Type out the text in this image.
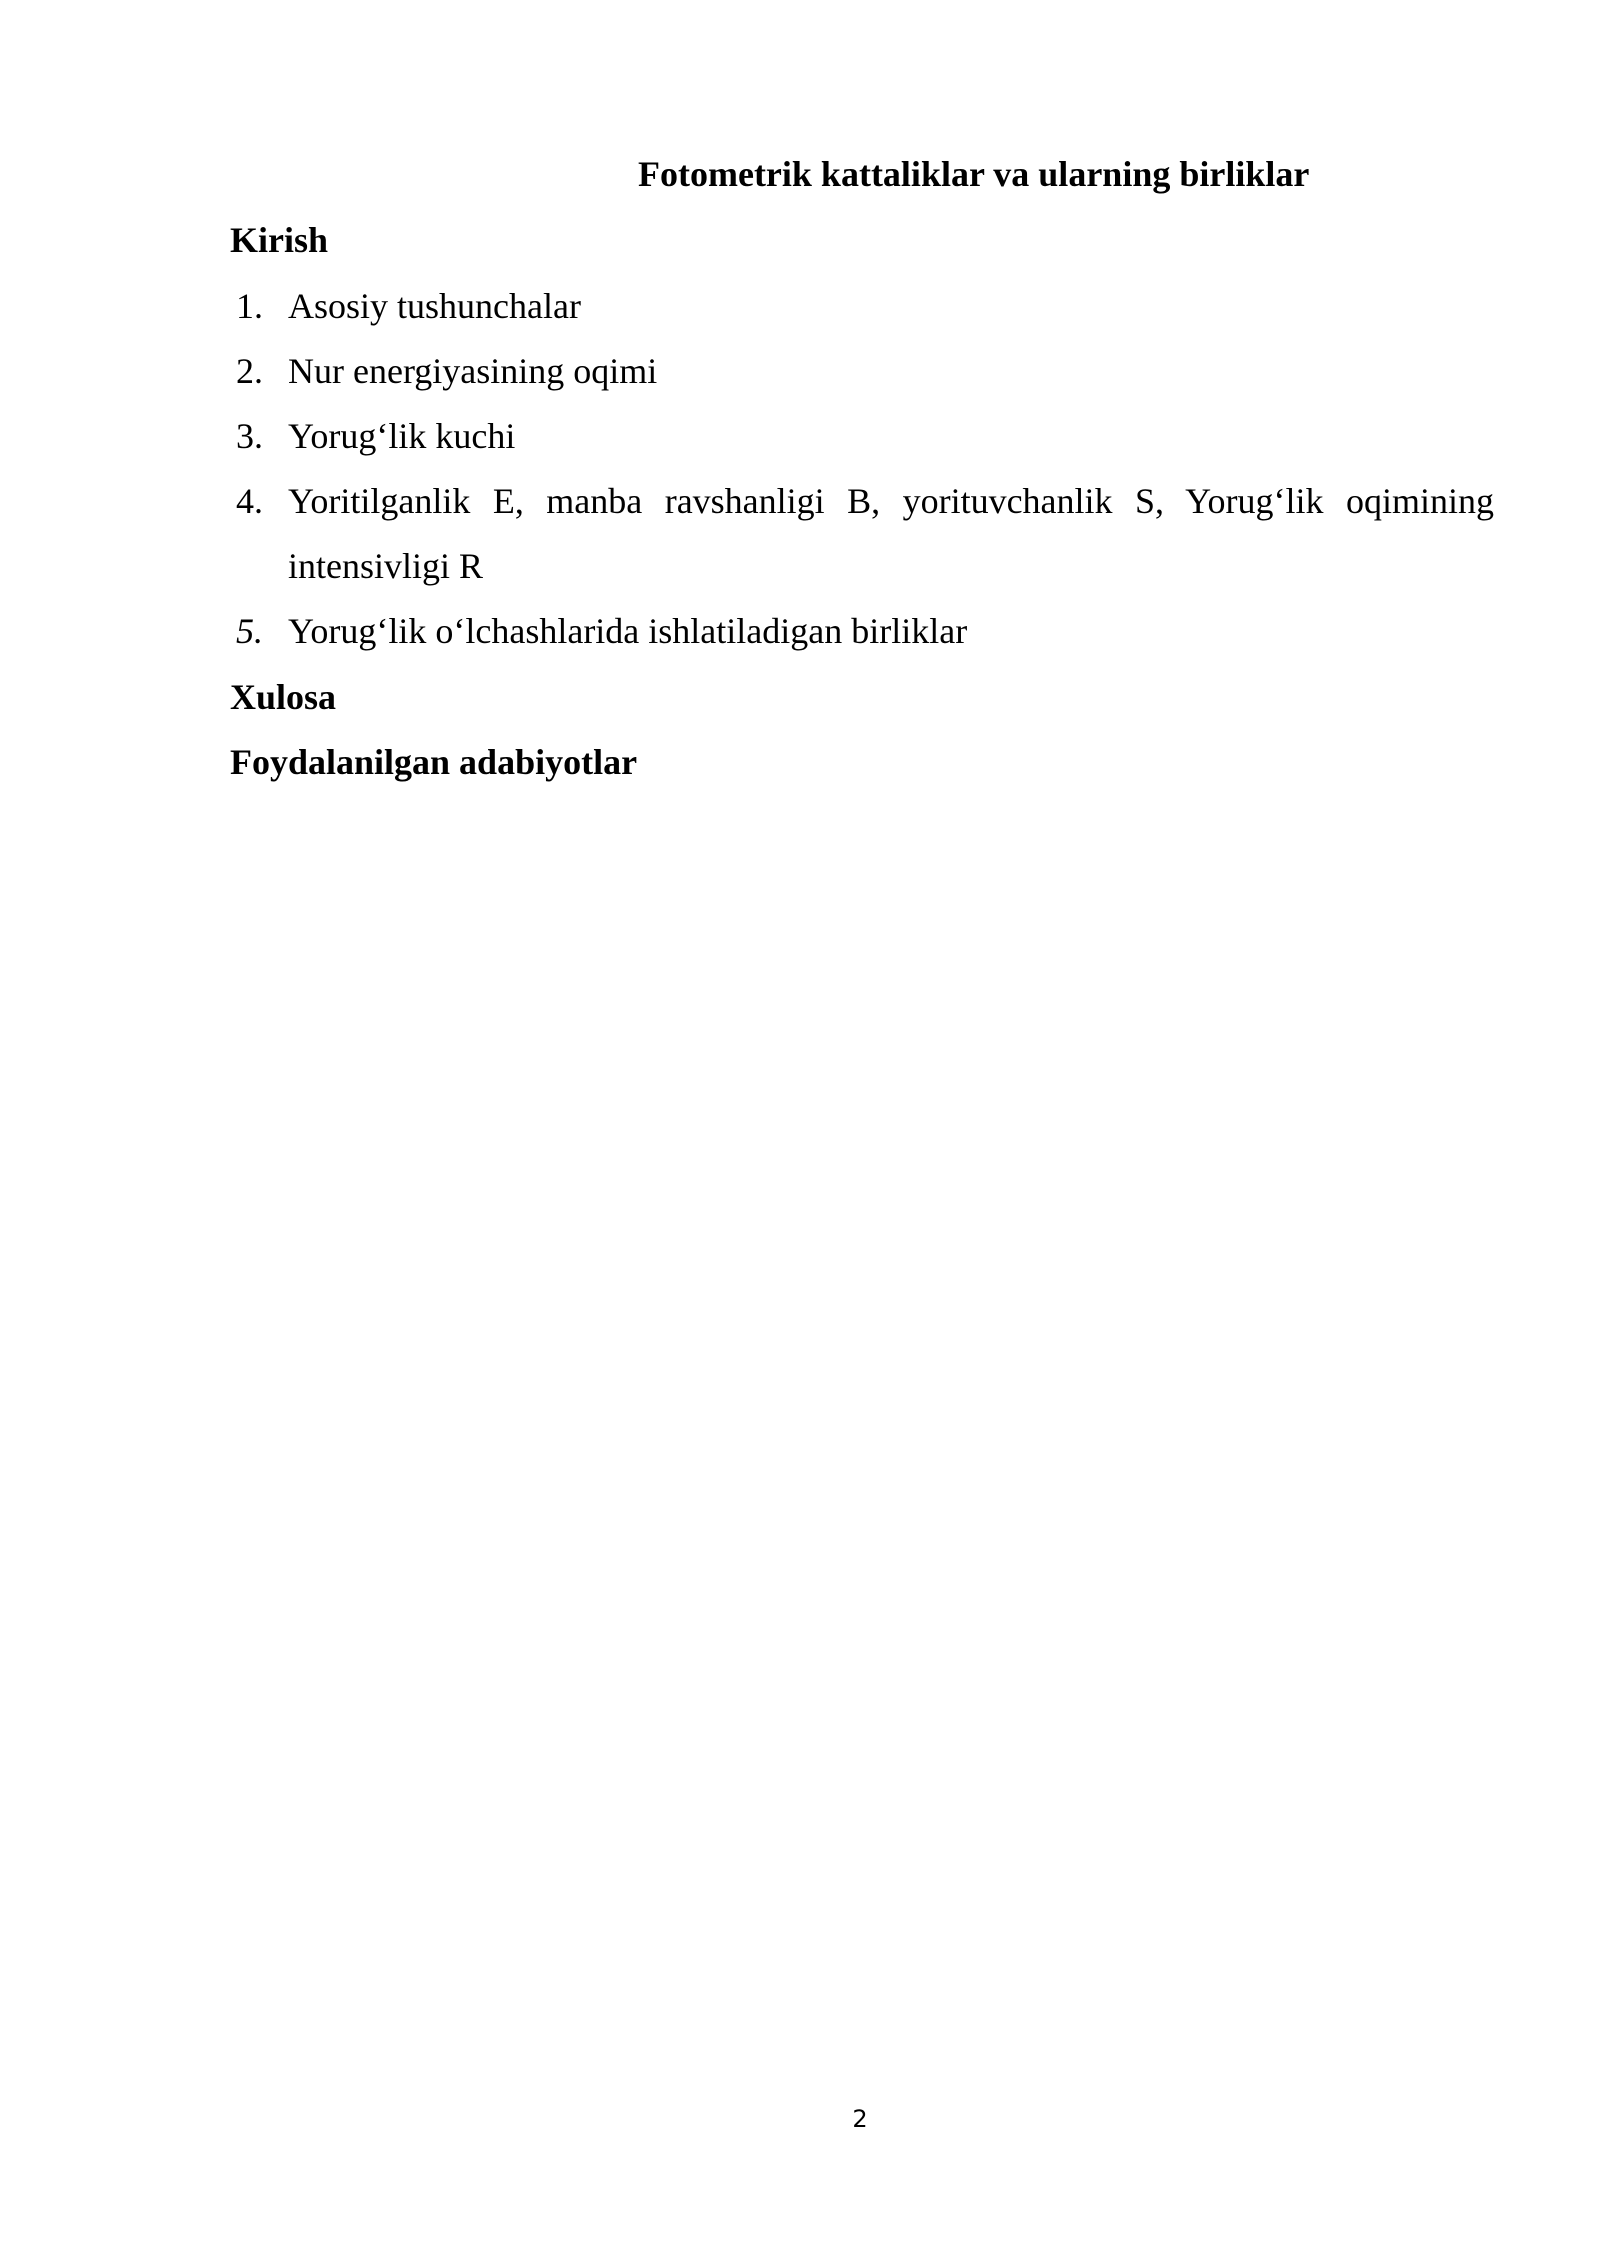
Fotometrik kattaliklar va ularning birliklar
Kirish
1. Asosiy tushunchalar
2. Nur energiyasining oqimi
3. Yorug‘lik kuchi
4. Yoritilganlik E, manba ravshanligi B, yorituvchanlik S, Yorug‘lik oqimining
intensivligi R
5. Yorug‘lik o‘lchashlarida ishlatiladigan birliklar
Xulosa
Foydalanilgan adabiyotlar
2
